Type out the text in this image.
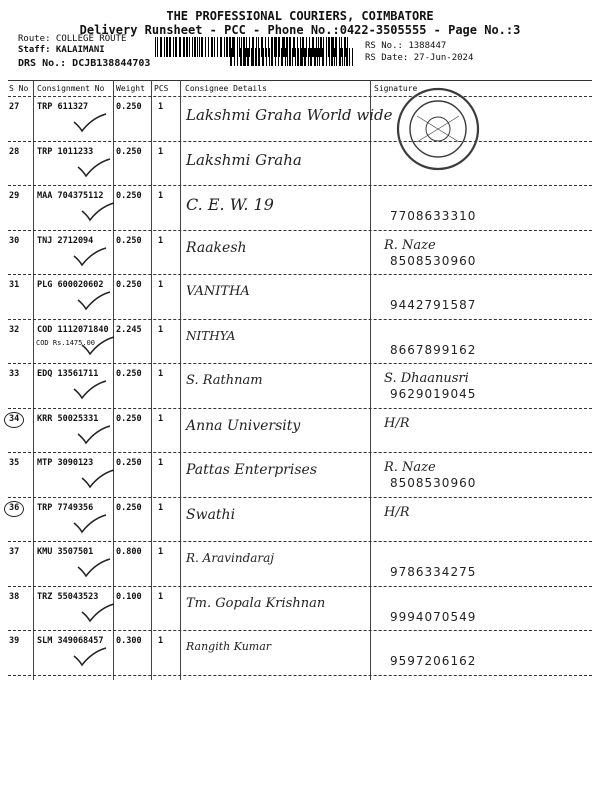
THE PROFESSIONAL COURIERS, COIMBATORE
Delivery Runsheet - PCC - Phone No.:0422-3505555 - Page No.:3
Route: COLLEGE ROUTE
Staff: KALAIMANI
DRS No.: DCJB138844703
RS No.: 1388447
RS Date: 27-Jun-2024
S No Consignment No Weight PCS Consignee Details	Signature
27 TRP 611327	0.250 1 Lakshmi Graha World wide
28 TRP 1011233	0.250 1 Lakshmi Graha
29 MAA 704375112 0.250 1 C. E. W. 19
7708633310
30 TNJ 2712094	0.250 1 Raakesh	R. Naze
8508530960
31 PLG 600020602 0.250 1 VANITHA
9442791587
32 COD 1112071840 2.245 1
COD Rs.1475.00	NITHYA
8667899162
33 EDQ 13561711 0.250 1 S. Rathnam	S. Dhaanusri
9629019045
34 KRR 50025331 0.250 1 Anna University	H/R
35 MTP 3090123	0.250 1 Pattas Enterprises	R. Naze
8508530960
36 TRP 7749356	0.250 1 Swathi	H/R
37 KMU 3507501	0.800 1 R. Aravindaraj
9786334275
38 TRZ 55043523 0.100 1 Tm. Gopala Krishnan
9994070549
39 SLM 349068457 0.300 1 Rangith Kumar
9597206162
